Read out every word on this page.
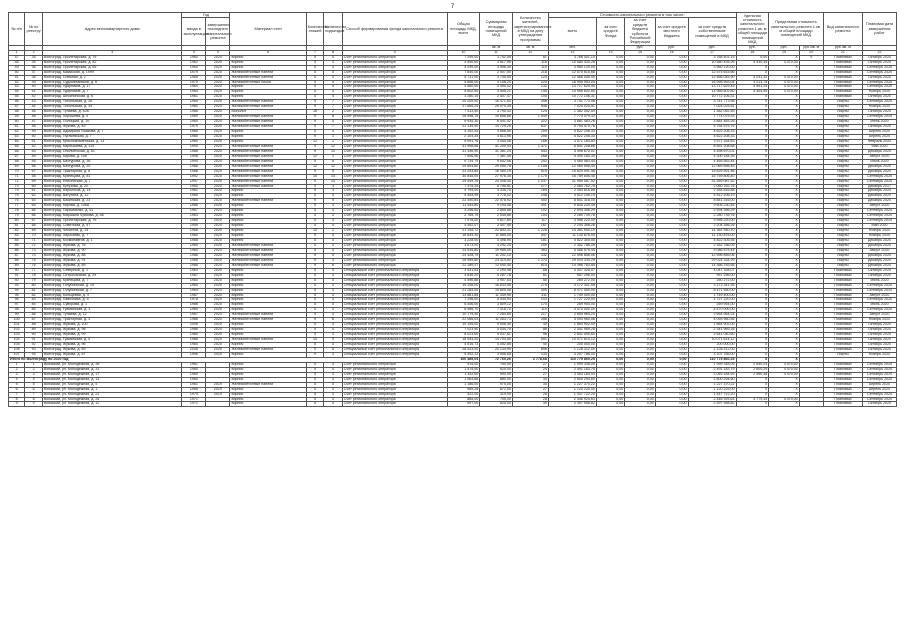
7
№ п/п	№ по реестру	Адрес многоквартирного дома	Год		Материал стен	Количество этажей	Количество подъездов	Способ формирования фонда капитального ремонта	Общая площадь МКД, всего	Суммарная площадь помещений МКД	Количество жителей, зарегистрированных в МКД на дату утверждения программы	Стоимость капитального ремонта в том числе:					Удельная стоимость капитального ремонта 1 кв. м общей площади помещений МКД	Предельная стоимость капитального ремонта 1 кв. м общей площади помещений МКД		Вид капитального ремонта	Плановая дата завершения работ
			ввода в эксплуатацию	завершения последнего капитального ремонта								всего	за счет средств Фонда	за счет средств бюджета субъекта Российской Федерации	за счет средств местного бюджета	за счет средств собственников помещений в МКД					
										кв. м	кв. м	чел.		руб.	руб.	руб.	руб.	руб.	руб./кв. м	руб./кв. м	
1	2	3	4	5	6	7	8	9	10	11	12	13	14	15	16	17	18	19	20	21	22
47	34	Волгоград, Пролетарская, д. 75	1960	2020	Кирпич	5	4	Счет регионального оператора	7 299,00	1 742,59	61	3 768 401,15	0,00	0,00	0,00	3 768 401,15	0,00	X	X	Плановый	Октябрь 2020
48	35	Волгоград, Пролетарская, д. 82	1962	2020	Кирпич	5	4	Счет регионального оператора	4 550,60	3 817,95	118	10 580 435,26	0,00	0,00	0,00	10 580 435,26	4 430,35	4 470,00		Плановый	Октябрь 2020
49	36	Волгоград, Пролетарская, д. 65	1960	2020	Кирпич	5	4	Счет регионального оператора	4 299,00	3 596,30	110	3 960 120,00	0,00	0,00	0,00	3 960 120,00	X	X		Плановый	Сентябрь 2020
50	37	Волгоград, Казахская, д. 1999	1979	2020	Железобетонные панели	5	4	Счет регионального оператора	7 640,00	2 507,50	218	12 575 615,66	0,00	0,00	0,00	12 575 615,66	X	X		Плановый	Сентябрь 2020
51	38	Волгоград, Снежная, д. 2	1965	2020	Железобетонные панели	5	4	Счет регионального оператора	5 731,00	3 745,59	124	12 466 045,90	0,00	0,00	0,00	12 466 045,90	4 031,32	4 470,00		Плановый	Октябрь 2020
52	39	Волгоград, Судомехаников, д. 8	1975	2020	Железобетонные блоки	5	4	Счет регионального оператора	5 656,00	4 108,24	224	16 995 953,04	0,00	0,00	0,00	16 995 953,04	4 213,75	4 470,00		Плановый	Сентябрь 2020
53	40	Волгоград, Ударников, д. 17	1964	2020	Кирпич	5	4	Счет регионального оператора	4 560,00	3 495,02	132	13 717 629,45	0,00	0,00	0,00	13 717 629,45	4 591,25	4 470,00		Плановый	Сентябрь 2020
54	41	Волгоград, Ударников, д. 7	1964	2020	Кирпич	5	4	Счет регионального оператора	5 602,50	3 555,21	145	14 966 602,80	0,00	0,00	0,00	14 966 602,80	4 404,55	4 470,00		Плановый	Ноябрь 2020
55	42	Волгоград, Шекснинская, д. 6	1961	2020	Кирпич	4	4	Счет регионального оператора	3 280,10	2 407,47	105	10 772 106,31	0,00	0,00	0,00	10 772 106,31	X	X		Плановый	Октябрь 2020
56	43	Волгоград, Тобольская, д. 26	1964	2020	Железобетонные панели	9	7	Счет регионального оператора	20 209,00	16 471,60	398	3 741 773,98	0,00	0,00	0,00	3 741 773,98	X	X		Лифты	Сентябрь 2020
57	44	Волгоград, Тобольская, д. 34	1980	2020	Железобетонные панели	9	7	Счет регионального оператора	27 665,25	25 575,45	948	7 024 025,51	0,00	0,00	0,00	7 024 025,51	X	X		Лифты	Ноябрь 2020
58	45	Волгоград, Тулаева, д. 42а	1986	2020	Монолит	16	2	Счет регионального оператора	7 413,50	3 790,43	124	1 382 052,59	0,00	0,00	0,00	1 382 052,59	X	X		Лифты	Октябрь 2020
59	46	Волгоград, Хорошева, д. 4	1969	2020	Железобетонные панели	9	8	Счет регионального оператора	28 998,75	19 658,86	1 049	7 774 079,33	0,00	0,00	0,00	7 774 079,33	X	X		Лифты	Сентябрь 2020
60	47	Волгоград, Полоцкий, д. 10	1980	2020	Железобетонные панели	9	4	Счет регионального оператора	9 935,30	6 441,42	322	3 881 483,26	0,00	0,00	0,00	3 881 483,26	X	X		Лифты	Июнь 2020
61	48	Волгоград, Жукова, д. 83	1979	2020	Железобетонные панели	9	7	Счет регионального оператора	21 139,90	14 729,25	637	5 754 575,76	0,00	0,00	0,00	5 754 575,76	X	X		Лифты	Октябрь 2020
62	49	Волгоград, Адмирала Ушакова, д. 7	1965	2020	Кирпич	5	4	Счет регионального оператора	4 192,25	3 858,50	209	4 622 208,33	0,00	0,00	0,00	4 622 208,33	X	X		Лифты	Апрель 2020
63	50	Волгоград, Пугачевская, д. 7	1985	2020	Кирпич	9	1	Счет регионального оператора	2 104,34	4 613,96	208	4 622 208,33	0,00	0,00	0,00	4 622 208,33	X	X		Лифты	Апрель 2020
64	51	Волгоград, Краснознаменская, д. 13	1980	2020	Кирпич	12	1	Счет регионального оператора	5 091,76	3 044,08	168	3 571 164,83	0,00	0,00	0,00	3 571 164,83	X	X		Лифты	Февраль 2020
65	52	Волгоград, Карбышева, д. 119	1990	2020	Железобетонные панели	9	12	Счет регионального оператора	41 958,66	41 209,93	1 471	8 651 208,68	0,00	0,00	0,00	8 651 208,68	X	X		Лифты	Май 2020
66	53	Волгоград, Ополченская, д. 61	1986	2020	Железобетонные панели	9	10	Счет регионального оператора	31 346,90	31 381,24	543	4 498 670,01	0,00	0,00	0,00	4 498 670,01	X	X		Лифты	Декабрь 2020
67	54	Волгоград, Кирова, д. 106	1996	2020	Железобетонные панели	12	1	Счет регионального оператора	7 506,56	7 381,45	268	4 300 184,35	0,00	0,00	0,00	4 300 184,35	X	X		Лифты	Август 2020
68	55	Волгоград, Бахтурова, д. 36	1994	2020	Железобетонные панели	9	6	Счет регионального оператора	9 734,79	9 502,56	252	4 465 583,44	0,00	0,00	0,00	4 465 583,44	X	X		Лифты	Июль 2020
69	56	Волгоград, Бахтурова, д. 20	1986	2020	Железобетонные панели	12	12	Счет регионального оператора	29 894,80	29 090,78	1 108	12 069 898,45	0,00	0,00	0,00	12 069 898,45	X	X		Лифты	Декабрь 2020
70	57	Волгоград, Тракторная, д. 8	1986	2020	Железобетонные панели	9	5	Счет регионального оператора	23 253,85	16 360,19	519	15 629 591,46	0,00	0,00	0,00	15 629 591,46	X	X		Лифты	Декабрь 2020
71	58	Волгоград, Кузнецова, д. 81	1992	2020	Железобетонные панели	10	14	Счет регионального оператора	30 845,05	27 976,35	1 175	16 759 806,40	0,00	0,00	0,00	16 759 806,40	X	X		Лифты	Сентябрь 2020
72	59	Волгоград, Енисейская, д. 7	1997	2020	Железобетонные панели	9	14	Счет регионального оператора	29 449,76	24 308,40	1 037	31 959 087,52	0,00	0,00	0,00	31 959 087,52	X	X		Лифты	Сентябрь 2020
73	60	Волгоград, Кутузова, д. 20	1960	2020	Железобетонные панели	9	3	Счет регионального оператора	7 375,25	5 790,91	277	2 060 762,76	0,00	0,00	0,00	2 060 762,76	X	X		Лифты	Декабрь 2017
74	61	Волгоград, Аэрологов, д. 14	1961	2020	Кирпич	5	3	Счет регионального оператора	4 794,00	3 335,70	164	2 354 816,88	0,00	0,00	0,00	2 354 816,88	X	X		Лифты	Декабрь 2020
75	62	Волгоград, Ватутина, д. 12	1985	2020	Кирпич	5	4	Счет регионального оператора	5 354,99	3 778,02	248	4 512 106,19	0,00	0,00	0,00	4 512 106,19	X	X		Лифты	Декабрь 2020
76	63	Волгоград, Бакинская, д. 23	1984	2020	Железобетонные панели	9	9	Счет регионального оператора	22 440,84	22 578,92	453	8 841 316,00	0,00	0,00	0,00	8 841 316,00	X	X		Лифты	Декабрь 2020
77	64	Волгоград, Кирова, д. 106а	1986	2020	Кирпич	9	4	Счет регионального оператора	11 444,80	9 194,08	391	9 605 230,45	0,00	0,00	0,00	9 605 230,45	X	X		Лифты	Август 2020
78	65	Волгоград, Пархоменко, д. 51	1967	2020	Кирпич	5	4	Счет регионального оператора	3 256,60	2 855,88	102	2 594 356,29	0,00	0,00	0,00	2 594 356,29	X	X		Лифты	Сентябрь 2020
79	66	Волгоград, Маршала Чуйкова, д. 48	1963	2020	Кирпич	4	3	Счет регионального оператора	2 765,75	2 545,86	104	2 280 739,76	0,00	0,00	0,00	2 280 739,76	X	X		Лифты	Сентябрь 2020
80	67	Волгоград, Пролетарская, д. 76	1965	2020	Кирпич	5	4	Счет регионального оператора	7 978,00	4 817,60	117	3 956 220,00	0,00	0,00	0,00	3 956 220,00	X	X		Лифты	Сентябрь 2020
81	68	Волгоград, Советская, д. 57	1959	2020	Кирпич	4	4	Счет регионального оператора	4 452,07	3 407,55	167	2 204 356,26	0,00	0,00	0,00	2 204 356,26	X	X		Лифты	Май 2020
82	69	Волгоград, Чекистов, д. 14	1966	2020	Кирпич	10	2	Счет регионального оператора	21 145,72	22 843,31	1 226	14 361 940,10	0,00	0,00	0,00	14 361 940,10	X	X		Лифты	Ноябрь 2020
83	70	Волгоград, Хиросимы, д. 7	1980	2020	Кирпич	9	5	Счет регионального оператора	16 644,30	11 685,40	347	11 130 876,00	0,00	0,00	0,00	11 130 876,00	X	X		Лифты	Ноябрь 2020
84	71	Волгоград, Космонавтов, д. 1	1968	2020	Кирпич	5	4	Счет регионального оператора	3 228,00	3 498,90	181	4 822 305,55	0,00	0,00	0,00	4 822 305,55	X	X		Лифты	Декабрь 2020
85	72	Волгоград, Жукова, д. 76	1984	2020	Железобетонные панели	5	4	Счет регионального оператора	3 673,00	3 292,25	200	2 352 786,09	0,00	0,00	0,00	2 352 786,09	X	X		Лифты	Декабрь 2020
86	73	Волгоград, Жукова, д. 90	1984	2020	Железобетонные панели	5	4	Счет регионального оператора	24 539,80	19 955,00	383	5 086 575,44	0,00	0,00	0,00	5 086 575,44	X	X		Лифты	Август 2020
87	74	Волгоград, Жукова, д. 88	1986	2020	Железобетонные панели	9	9	Счет регионального оператора	24 428,79	11 201,10	332	12 596 856,06	0,00	0,00	0,00	12 596 856,06	X	X		Лифты	Декабрь 2020
88	75	Волгоград, Жукова, д. 91	1986	2020	Железобетонные панели	9	4	Счет регионального оператора	26 959,80	23 314,52	1 273	29 024 334,29	0,00	0,00	0,00	29 024 334,29	X	X		Лифты	Декабрь 2020
89	76	Волгоград, Жукова, д. 89	1986	2020	Железобетонные панели	9	6	Счет регионального оператора	22 289,47	13 040,40	614	14 366 783,55	0,00	0,00	0,00	14 366 783,55	X	X		Лифты	Декабрь 2020
90	77	Волгоград, Северный, д. 1	1963	2020	Кирпич	5	4	Специальный счет регионального оператора	3 531,83	2 294,48	88	4 047 328,07	0,00	0,00	0,00	4 047 328,07	X	X		Плановый	Октябрь 2020
91	78	Волгоград, Острогожская, д. 29	1987	2020	Кирпич	5	4	Специальный счет регионального оператора	4 636,20	4 287,78	81	957 296,00	0,00	0,00	0,00	957 296,00	X	X		Плановый	Октябрь 2020
92	79	Волгоград, Кузнецова, д. 7	1960	2020	Кирпич	5	4	Специальный счет регионального оператора	4 496,86	3 907,53	55	260 272,00	0,00	0,00	0,00	260 272,00	X	X		Плановый	Июнь 2020
93	80	Волгоград, Голубинская, д. 19	1964	2020	Кирпич	5	4	Специальный счет регионального оператора	19 208,00	16 633,96	274	3 172 341,95	0,00	0,00	0,00	3 172 341,95	X	X		Плановый	Сентябрь 2020
94	81	Волгоград, Голубинская, д. 7	1964	2020	Кирпич	9	4	Специальный счет регионального оператора	21 264,00	15 800,08	405	8 471 550,00	0,00	0,00	0,00	8 471 550,00	X	X		Плановый	Сентябрь 2020
95	82	Волгоград, Кольцевая, д. 4	1967	2020	Кирпич	5	4	Специальный счет регионального оператора	13 681,85	11 349,95	311	1 749 400,00	0,00	0,00	0,00	1 749 400,00	X	X		Плановый	Август 2020
96	83	Волгоград, Лавочника, д. 5	1978	2020	Кирпич	5	4	Специальный счет регионального оператора	7 296,00	5 434,94	103	1 727 220,00	0,00	0,00	0,00	1 727 220,00	X	X		Плановый	Сентябрь 2020
97	84	Волгоград, Суворова, д. 1	1966	2020	Кирпич	5	4	Специальный счет регионального оператора	6 406,00	3 809,12	174	269 954,00	0,00	0,00	0,00	269 954,00	X	X		Плановый	Июнь 2020
98	85	Волгоград, Гуаманская, д. 3	1965	2020	Кирпич	5	4	Специальный счет регионального оператора	6 986,70	7 318,70	110	4 470 000,00	0,00	0,00	0,00	4 470 000,00	X	X		Плановый	Сентябрь 2020
99	86	Волгоград, Тулаева, д. 12	1967	2020	Железобетонные панели	9	4	Специальный счет регионального оператора	10 179,40	7 284,85	217	2 654 964,24	0,00	0,00	0,00	2 654 964,24	X	X		Плановый	Август 2020
100	87	Волгоград, Тракторная, д. 3	1986	2020	Железобетонные панели	9	6	Специальный счет регионального оператора	22 066,03	11 053,73	356	4 093 960,56	0,00	0,00	0,00	4 093 960,56	X	X		Плановый	Ноябрь 2020
101	88	Волгоград, Жукова, д. 100	2006	2020	Кирпич	5	4	Специальный счет регионального оператора	10 155,00	9 506,40	30	1 864 902,00	0,00	0,00	0,00	1 864 902,00	X	X		Плановый	Октябрь 2020
102	89	Волгоград, Жукова, д. 98	1986	2020	Кирпич	5	4	Специальный счет регионального оператора	7 023,90	4 034,70	88	2 341 969,28	0,00	0,00	0,00	2 341 969,28	X	X		Плановый	Октябрь 2020
103	90	Волгоград, Жукова, д. 99	1984	2020	Кирпич	5	4	Специальный счет регионального оператора	8 023,00	5 037,61	96	2 641 040,60	0,00	0,00	0,00	2 641 040,60	X	X		Плановый	Октябрь 2020
104	91	Волгоград, Гуаманская, д. 5	1986	2020	Железобетонные панели	10	9	Специальный счет регионального оператора	18 093,20	14 703,50	551	10 071 614,12	0,00	0,00	0,00	10 071 614,12	X	X		Плановый	Октябрь 2020
105	92	Волгоград, Жукова, д. 96	1984	2020	Кирпич	5	4	Специальный счет регионального оператора	4 516,73	4 052,85	40	200 000,00	0,00	0,00	0,00	200 000,00	X	X		Плановый	Октябрь 2020
106	93	Волгоград, Жукова, д. 89	2008	2020	Железобетонные панели	9	8	Специальный счет регионального оператора	28 443,00	20 134,99	696	1 126 312,00	0,00	0,00	0,00	1 126 312,00	X	X		Плановый	Октябрь 2020
107	94	Волгоград, Жукова, д. 87	1996	2020	Кирпич	9	4	Специальный счет регионального оператора	9 492,12	3 958,65	133	3 207 786,00	0,00	0,00	0,00	3 207 786,00	X	X		Лифты	Ноябрь 2020
Итого по Волгограду по 2020 год									100 389,04	72 760,26	2 778,68	110 775 860,25	0,00	0,00	0,00	110 775 860,25	X	X			
1	1	Волжский, ул. Молодежная, д. 26	1961		Кирпич	5	4	Счет регионального оператора	915,00	750,00	27	1 999 348,05	0,00	0,00	0,00	1 999 348,05	2 640,24	4 470,00		Плановый	Сентябрь 2020
2	2	Волжский, ул. Молодежная, д. 31	1960		Кирпич	5	4	Счет регионального оператора	1 475,00	625,00	24	2 491 183,79	0,00	0,00	0,00	2 491 183,79	2 600,29	4 470,00		Плановый	Сентябрь 2020
3	3	Волжский, ул. Молодежная, д. 17	1960		Кирпич	5	4	Счет регионального оператора	1 342,00	990,00	27	3 063 184,93	0,00	0,00	0,00	3 063 184,93	2 960,38	4 470,00		Плановый	Сентябрь 2020
4	4	Волжский, ул. Молодежная, д. 13	1960		Кирпич	5	4	Счет регионального оператора	1 063,66	880,00	34	2 800 294,60	0,00	0,00	0,00	2 800 294,60	X	X		Плановый	Сентябрь 2020
5	5	Волжский, ул. Молодежная, д. 5	1961	2019	Железобетонные панели	5	4	Счет регионального оператора	1 186,00	975,00	30	1 227 370,22	0,00	0,00	0,00	1 227 370,22	X	X		Плановый	Апрель 2020
6	6	Волжский, ул. Молодежная, д. 1	1968	2019	Кирпич	5	4	Счет регионального оператора	985,28	872,00	27	1 120 225,00	0,00	0,00	0,00	1 120 225,00	X	X		Плановый	Апрель 2020
7	7	Волжский, ул. Молодежная, д. 21	1975	2019	Кирпич	5	4	Счет регионального оператора	422,00	319,00	28	1 447 722,20	0,00	0,00	0,00	1 447 722,20	X	X		Плановый	Сентябрь 2020
8	8	Волжский, ул. Молодежная, д. 25	1971		Кирпич	5	4	Счет регионального оператора	885,00	705,00	28	2 446 925,63	0,00	0,00	0,00	2 446 925,63	4 779,34	4 470,00		Плановый	Сентябрь 2020
9	9	Волжский, ул. Молодежная, д. 11	1971		Кирпич	5	4	Счет регионального оператора	997,00	825,00	30	2 397 958,82	0,00	0,00	0,00	2 397 958,82	X	X		Плановый	Октябрь 2020
